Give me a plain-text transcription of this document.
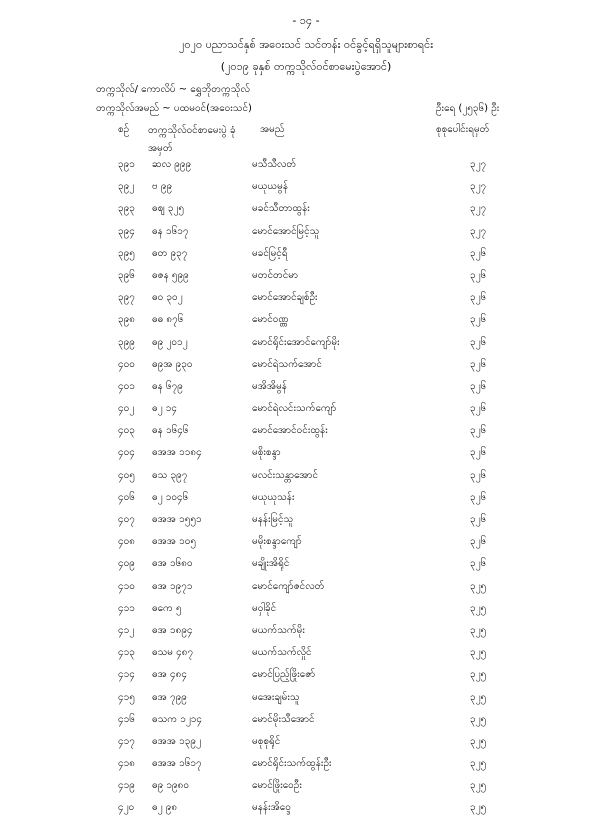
- ၁၄ -
၂၀၂၀ ပညာသင်နှစ် အဝေးသင် သင်တန်း ဝင်ခွင့်ရရှိသူများစာရင်း
(၂၀၁၉ ခုနှစ် တက္ကသိုလ်ဝင်စာမေးပွဲအောင်)
တက္ကသိုလ်/ ကောလိပ် ~ ရွှေဘိုတက္ကသိုလ်
တက္ကသိုလ်အမည် ~ ပထမဝင်(အဝေးသင်)	ဦးရေ (၂၅၃၆) ဦး
စဉ် တက္ကသိုလ်ဝင်စာမေးပွဲ ခုံအမှတ်
အမည်	စုစုပေါင်းရမှတ်
၃၉၁ ဆလ ၉၉၉	မသီသီလတ်	၃၂၇
၃၉၂ ဗ ၉၉	မယုယမွန်	၃၂၇
၃၉၃ ဓဈ ၃၂၅	မခင်သီတာထွန်း	၃၂၇
၃၉၄ ဓန ၁၆၁၇	မောင်အောင်မြင့်သူ	၃၂၇
၃၉၅ ဓတ ၉၃၇	မခင်မြင့်ရီ	၃၂၆
၃၉၆ ဓဇန ၅၉၉	မတင်တင်မာ	၃၂၆
၃၉၇ ဓ၀ ၃၀၂	မောင်အောင်ချစ်ဦး	၃၂၆
၃၉၈ ဓဓ ၈၇၆	မောင်ဝဏ္ဏ	၃၂၆
၃၉၉ ဓ၉ ၂၀၁၂	မောင်ရိုင်းအောင်ကျော်မိုး	၃၂၆
၄၀၀ ဓ၉အ ၉၃၀	မောင်ရဲသက်အောင်	၃၂၆
၄၀၁ ဓန ၆၇၉	မအိအိမွန်	၃၂၆
၄၀၂ ဓ၂ ၁၄	မောင်ရဲလင်းသက်ကျော်	၃၂၆
၄၀၃ ဓန ၁၆၄၆	မောင်အောင်ဝင်းထွန်း	၃၂၆
၄၀၄ ဓအအ ၁၁၈၄	မစိုးစန္ဒာ	၃၂၆
၄၀၅ ဓသ ၃၉၇	မလင်းသန္တာအောင်	၃၂၆
၄၀၆ ဓ၂ ၁၀၄၆	မယုယုသန်း	၃၂၆
၄၀၇ ဓအအ ၁၅၅၁	မနန်းမြင့်သူ	၃၂၆
၄၀၈ ဓအအ ၁၀၅	မမိုးစန္ဒာကျော်	၃၂၆
၄၀၉ ဓအ ၁၆၈၀	မချိုးအိရိုင်	၃၂၆
၄၁၀ ဓအ ၁၉၇၁	မောင်ကျော်ဇင်လတ်	၃၂၅
၄၁၁ ဓကေ ၅	မဝှါခိုင်	၃၂၅
၄၁၂ ဓအ ၁၈၉၄	မယက်သက်မိုး	၃၂၅
၄၁၃ ဓသမ ၄၈၇	မယက်သက်လှိုင်	၃၂၅
၄၁၄ ဓအ ၄၈၄	မောင်ပြည့်ဖြိုးဇော်	၃၂၅
၄၁၅ ဓအ ၇၉၉	မအေးချမ်းသူ	၃၂၅
၄၁၆ ဓသက ၁၂၁၄	မောင်မိုးသီအောင်	၃၂၅
၄၁၇ ဓအအ ၁၃၉၂	မစုစုရိုင်	၃၂၅
၄၁၈ ဓအအ ၁၆၁၇	မောင်ရိုင်းသက်ထွန်းဦး	၃၂၅
၄၁၉ ဓ၉ ၁၉၈၀	မောင်ဖြိုးဝေဦး	၃၂၅
၄၂၀ ဓ၂ ၉၈	မနန်းအိဝ္ဒေ	၃၂၅
